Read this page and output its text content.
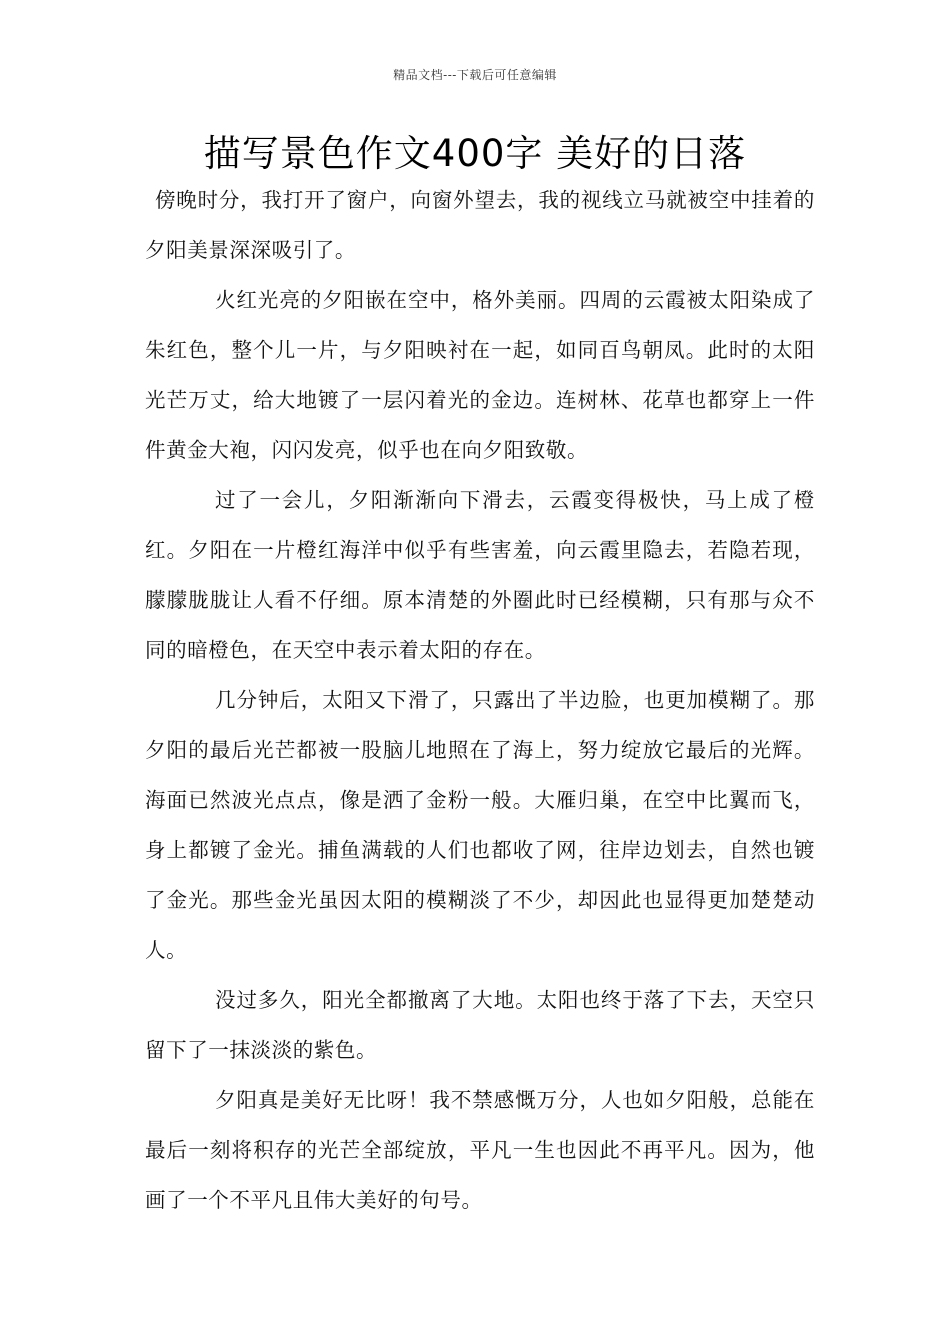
精品文档---下载后可任意编辑
描写景色作文400字 美好的日落

傍晚时分，我打开了窗户，向窗外望去，我的视线立马就被空中挂着的夕阳美景深深吸引了。

火红光亮的夕阳嵌在空中，格外美丽。四周的云霞被太阳染成了朱红色，整个儿一片，与夕阳映衬在一起，如同百鸟朝凤。此时的太阳光芒万丈，给大地镀了一层闪着光的金边。连树林、花草也都穿上一件件黄金大袍，闪闪发亮，似乎也在向夕阳致敬。

过了一会儿，夕阳渐渐向下滑去，云霞变得极快，马上成了橙红。夕阳在一片橙红海洋中似乎有些害羞，向云霞里隐去，若隐若现，朦朦胧胧让人看不仔细。原本清楚的外圈此时已经模糊，只有那与众不同的暗橙色，在天空中表示着太阳的存在。

几分钟后，太阳又下滑了，只露出了半边脸，也更加模糊了。那夕阳的最后光芒都被一股脑儿地照在了海上，努力绽放它最后的光辉。海面已然波光点点，像是洒了金粉一般。大雁归巢，在空中比翼而飞，身上都镀了金光。捕鱼满载的人们也都收了网，往岸边划去，自然也镀了金光。那些金光虽因太阳的模糊淡了不少，却因此也显得更加楚楚动人。

没过多久，阳光全都撤离了大地。太阳也终于落了下去，天空只留下了一抹淡淡的紫色。

夕阳真是美好无比呀！我不禁感慨万分，人也如夕阳般，总能在最后一刻将积存的光芒全部绽放，平凡一生也因此不再平凡。因为，他画了一个不平凡且伟大美好的句号。
